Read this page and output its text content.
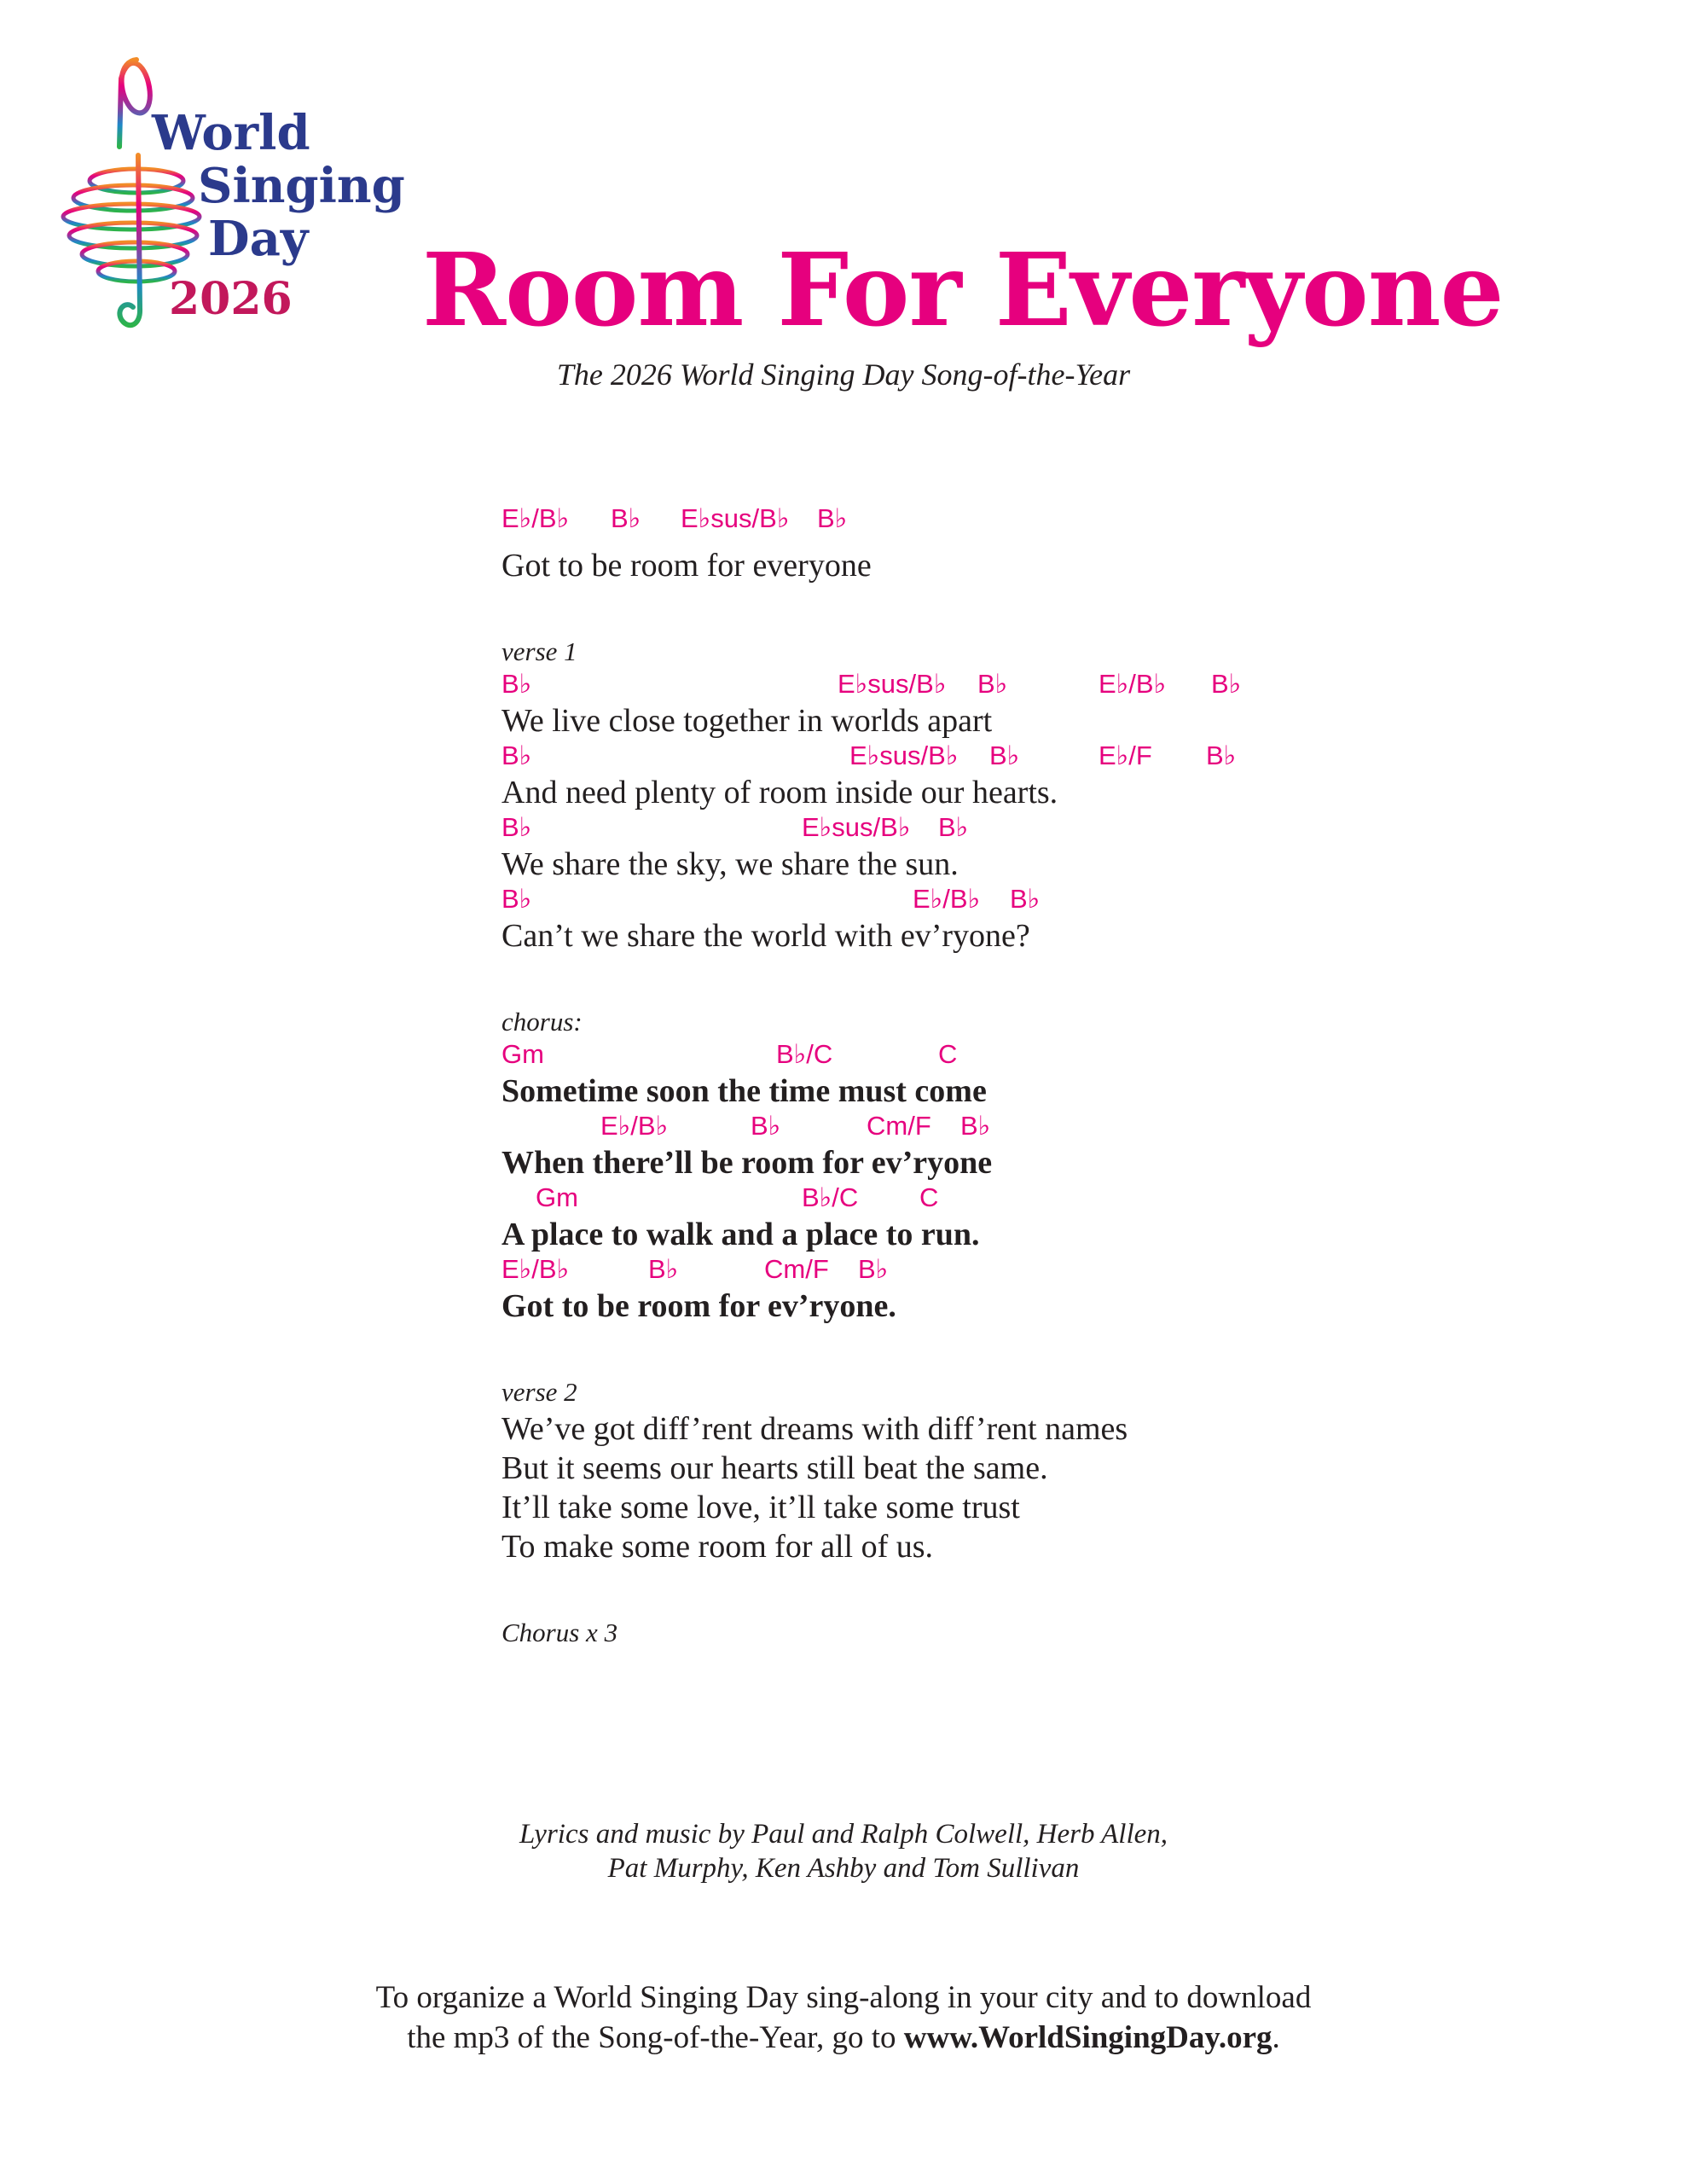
World
Singing
Day
2026 Room For Everyone
The 2026 World Singing Day Song-of-the-Year
E♭/B♭ B♭ E♭sus/B♭ B♭
Got to be room for everyone
verse 1
B♭	E♭sus/B♭ B♭	E♭/B♭ B♭
We live close together in worlds apart
B♭	E♭sus/B♭ B♭	E♭/F B♭
And need plenty of room inside our hearts.
B♭	E♭sus/B♭ B♭
We share the sky, we share the sun.
B♭	E♭/B♭ B♭
Can’t we share the world with ev’ryone?
chorus:
Gm	B♭/C	C
Sometime soon the time must come
E♭/B♭	B♭	Cm/F B♭
When there’ll be room for ev’ryone
Gm	B♭/C C
A place to walk and a place to run.
E♭/B♭	B♭	Cm/F B♭
Got to be room for ev’ryone.
verse 2
We’ve got diff’rent dreams with diff’rent names
But it seems our hearts still beat the same.
It’ll take some love, it’ll take some trust
To make some room for all of us.
Chorus x 3
Lyrics and music by Paul and Ralph Colwell, Herb Allen,
Pat Murphy, Ken Ashby and Tom Sullivan
To organize a World Singing Day sing-along in your city and to download
the mp3 of the Song-of-the-Year, go to www.WorldSingingDay.org.
